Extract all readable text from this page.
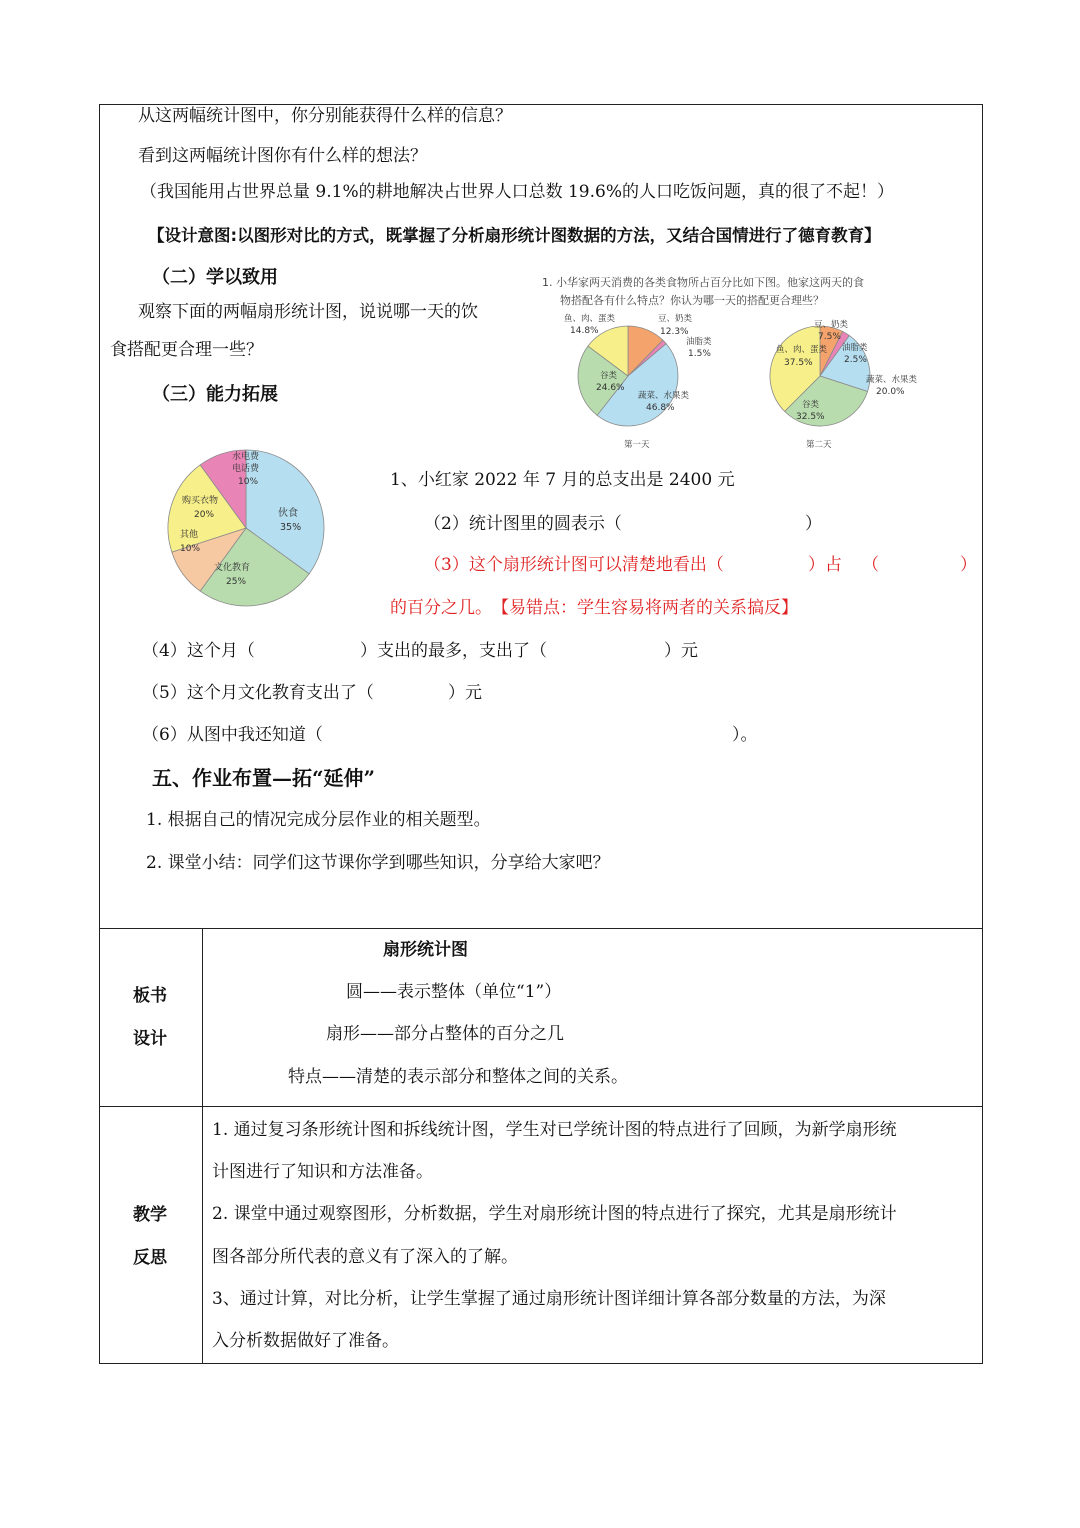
从这两幅统计图中，你分别能获得什么样的信息？
看到这两幅统计图你有什么样的想法？
（我国能用占世界总量 9.1%的耕地解决占世界人口总数 19.6%的人口吃饭问题，真的很了不起！）
【设计意图:以图形对比的方式，既掌握了分析扇形统计图数据的方法，又结合国情进行了德育教育】
（二）学以致用
观察下面的两幅扇形统计图，说说哪一天的饮
食搭配更合理一些？
（三）能力拓展
1. 小华家两天消费的各类食物所占百分比如下图。他家这两天的食
物搭配各有什么特点？你认为哪一天的搭配更合理些？
鱼、肉、蛋类
14.8%
豆、奶类
12.3%
油脂类
1.5%
谷类
24.6%
蔬菜、水果类
46.8%
第一天
豆、奶类
7.5%
油脂类
2.5%
鱼、肉、蛋类
37.5%
蔬菜、水果类
20.0%
谷类
32.5%
第二天
水电费
电话费
10%
购买衣物
20%	伙食
35%
其他
10%
文化教育
25%
1、小红家 2022 年 7 月的总支出是 2400 元
（2）统计图里的圆表示（	）
（3）这个扇形统计图可以清楚地看出（	）占 （	）
的百分之几。 【易错点：学生容易将两者的关系搞反】
（4）这个月（	）支出的最多，支出了（	）元
（5）这个月文化教育支出了（	）元
（6）从图中我还知道（	）。
五、作业布置—拓“延伸”
1. 根据自己的情况完成分层作业的相关题型。
2. 课堂小结：同学们这节课你学到哪些知识，分享给大家吧？
板书
设计
扇形统计图
圆——表示整体（单位“1”）
扇形——部分占整体的百分之几
特点——清楚的表示部分和整体之间的关系。
教学
反思
1. 通过复习条形统计图和拆线统计图，学生对已学统计图的特点进行了回顾，为新学扇形统
计图进行了知识和方法准备。
2. 课堂中通过观察图形，分析数据，学生对扇形统计图的特点进行了探究，尤其是扇形统计
图各部分所代表的意义有了深入的了解。
3、通过计算，对比分析，让学生掌握了通过扇形统计图详细计算各部分数量的方法，为深
入分析数据做好了准备。
